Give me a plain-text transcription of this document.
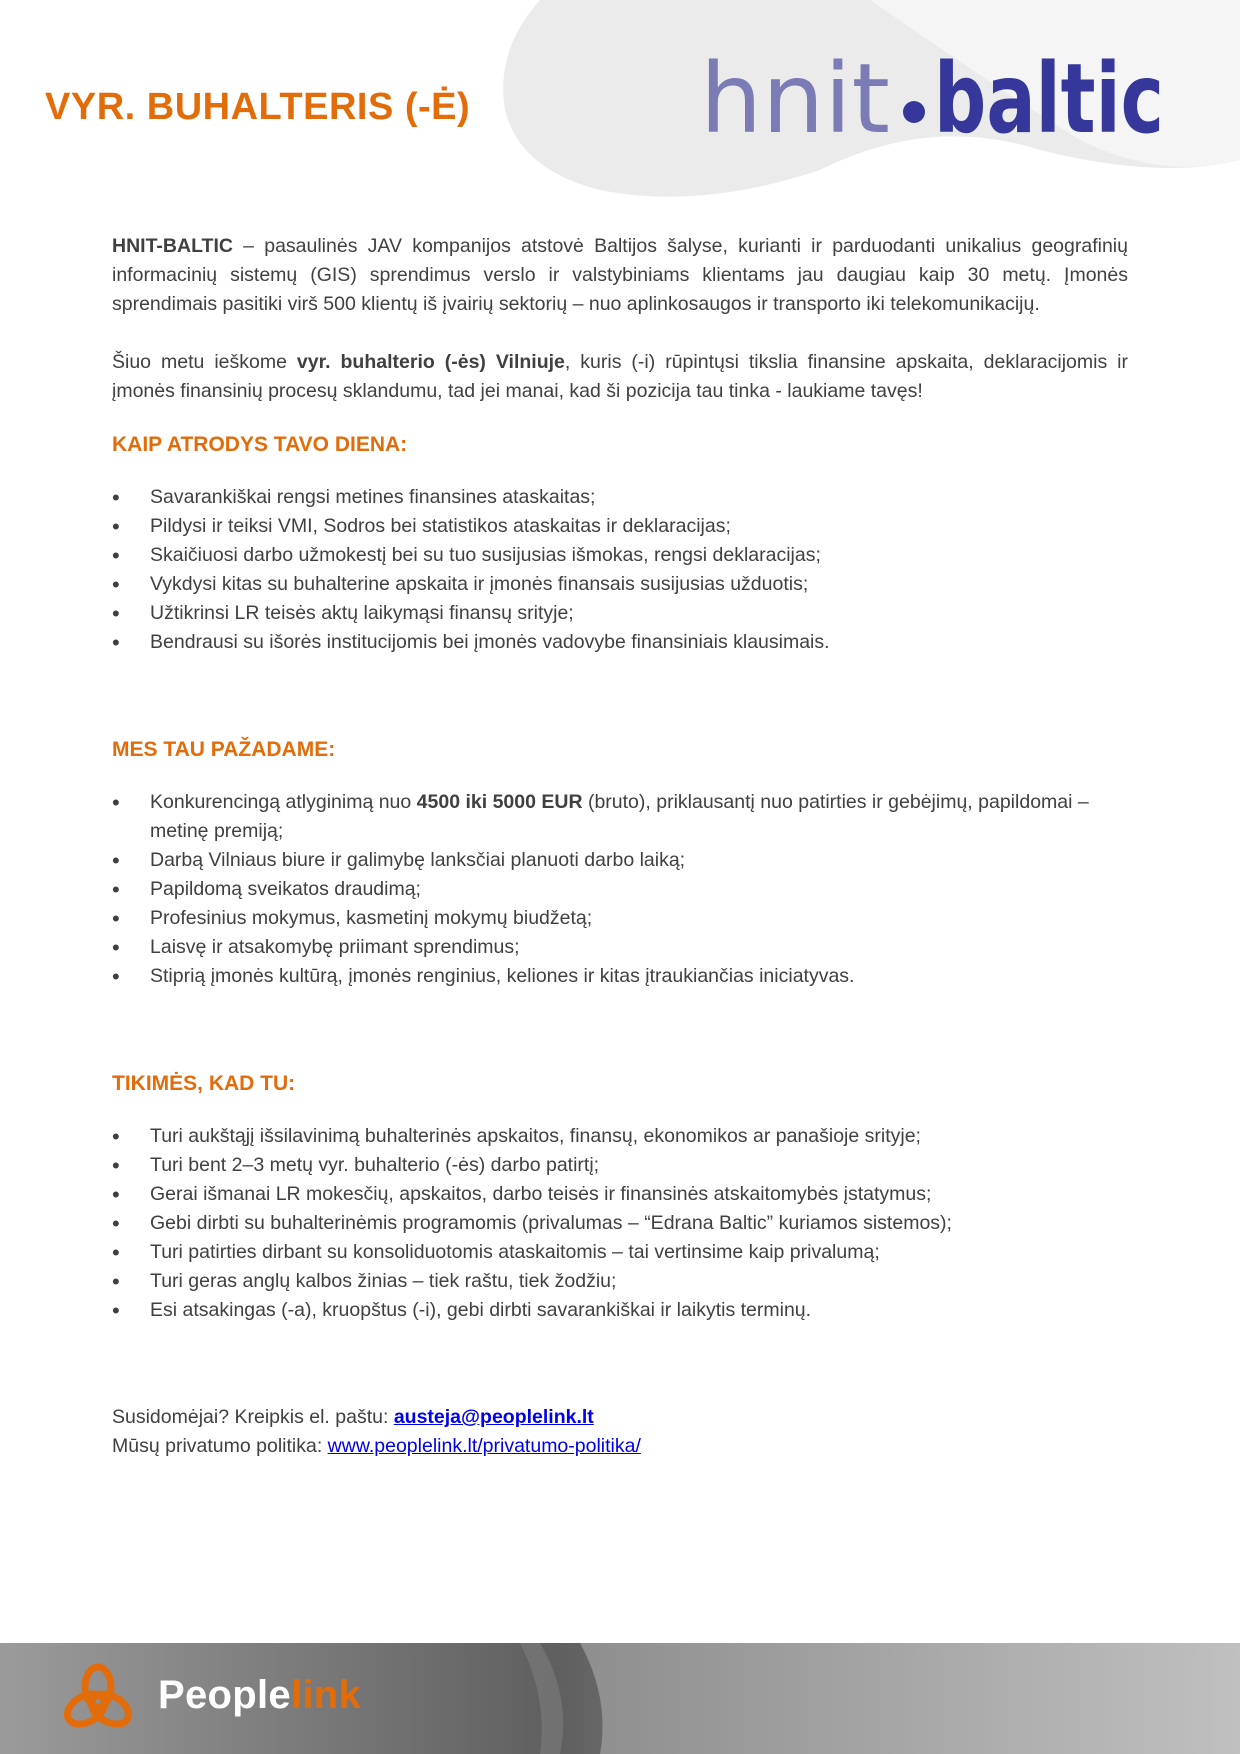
VYR. BUHALTERIS (-Ė) hnit baltic

HNIT-BALTIC – pasaulinės JAV kompanijos atstovė Baltijos šalyse, kurianti ir parduodanti unikalius geografinių informacinių sistemų (GIS) sprendimus verslo ir valstybiniams klientams jau daugiau kaip 30 metų. Įmonės sprendimais pasitiki virš 500 klientų iš įvairių sektorių – nuo aplinkosaugos ir transporto iki telekomunikacijų.

Šiuo metu ieškome vyr. buhalterio (-ės) Vilniuje, kuris (-i) rūpintųsi tikslia finansine apskaita, deklaracijomis ir įmonės finansinių procesų sklandumu, tad jei manai, kad ši pozicija tau tinka - laukiame tavęs!

KAIP ATRODYS TAVO DIENA:
• Savarankiškai rengsi metines finansines ataskaitas;
• Pildysi ir teiksi VMI, Sodros bei statistikos ataskaitas ir deklaracijas;
• Skaičiuosi darbo užmokestį bei su tuo susijusias išmokas, rengsi deklaracijas;
• Vykdysi kitas su buhalterine apskaita ir įmonės finansais susijusias užduotis;
• Užtikrinsi LR teisės aktų laikymąsi finansų srityje;
• Bendrausi su išorės institucijomis bei įmonės vadovybe finansiniais klausimais.
MES TAU PAŽADAME:
• Konkurencingą atlyginimą nuo 4500 iki 5000 EUR (bruto), priklausantį nuo patirties ir gebėjimų, papildomai – metinę premiją;
• Darbą Vilniaus biure ir galimybę lanksčiai planuoti darbo laiką;
• Papildomą sveikatos draudimą;
• Profesinius mokymus, kasmetinį mokymų biudžetą;
• Laisvę ir atsakomybę priimant sprendimus;
• Stiprią įmonės kultūrą, įmonės renginius, keliones ir kitas įtraukiančias iniciatyvas.
TIKIMĖS, KAD TU:
• Turi aukštąjį išsilavinimą buhalterinės apskaitos, finansų, ekonomikos ar panašioje srityje;
• Turi bent 2–3 metų vyr. buhalterio (-ės) darbo patirtį;
• Gerai išmanai LR mokesčių, apskaitos, darbo teisės ir finansinės atskaitomybės įstatymus;
• Gebi dirbti su buhalterinėmis programomis (privalumas – “Edrana Baltic” kuriamos sistemos);
• Turi patirties dirbant su konsoliduotomis ataskaitomis – tai vertinsime kaip privalumą;
• Turi geras anglų kalbos žinias – tiek raštu, tiek žodžiu;
• Esi atsakingas (-a), kruopštus (-i), gebi dirbti savarankiškai ir laikytis terminų.
Susidomėjai? Kreipkis el. paštu: austeja@peoplelink.lt
Mūsų privatumo politika: www.peoplelink.lt/privatumo-politika/
Peoplelink
